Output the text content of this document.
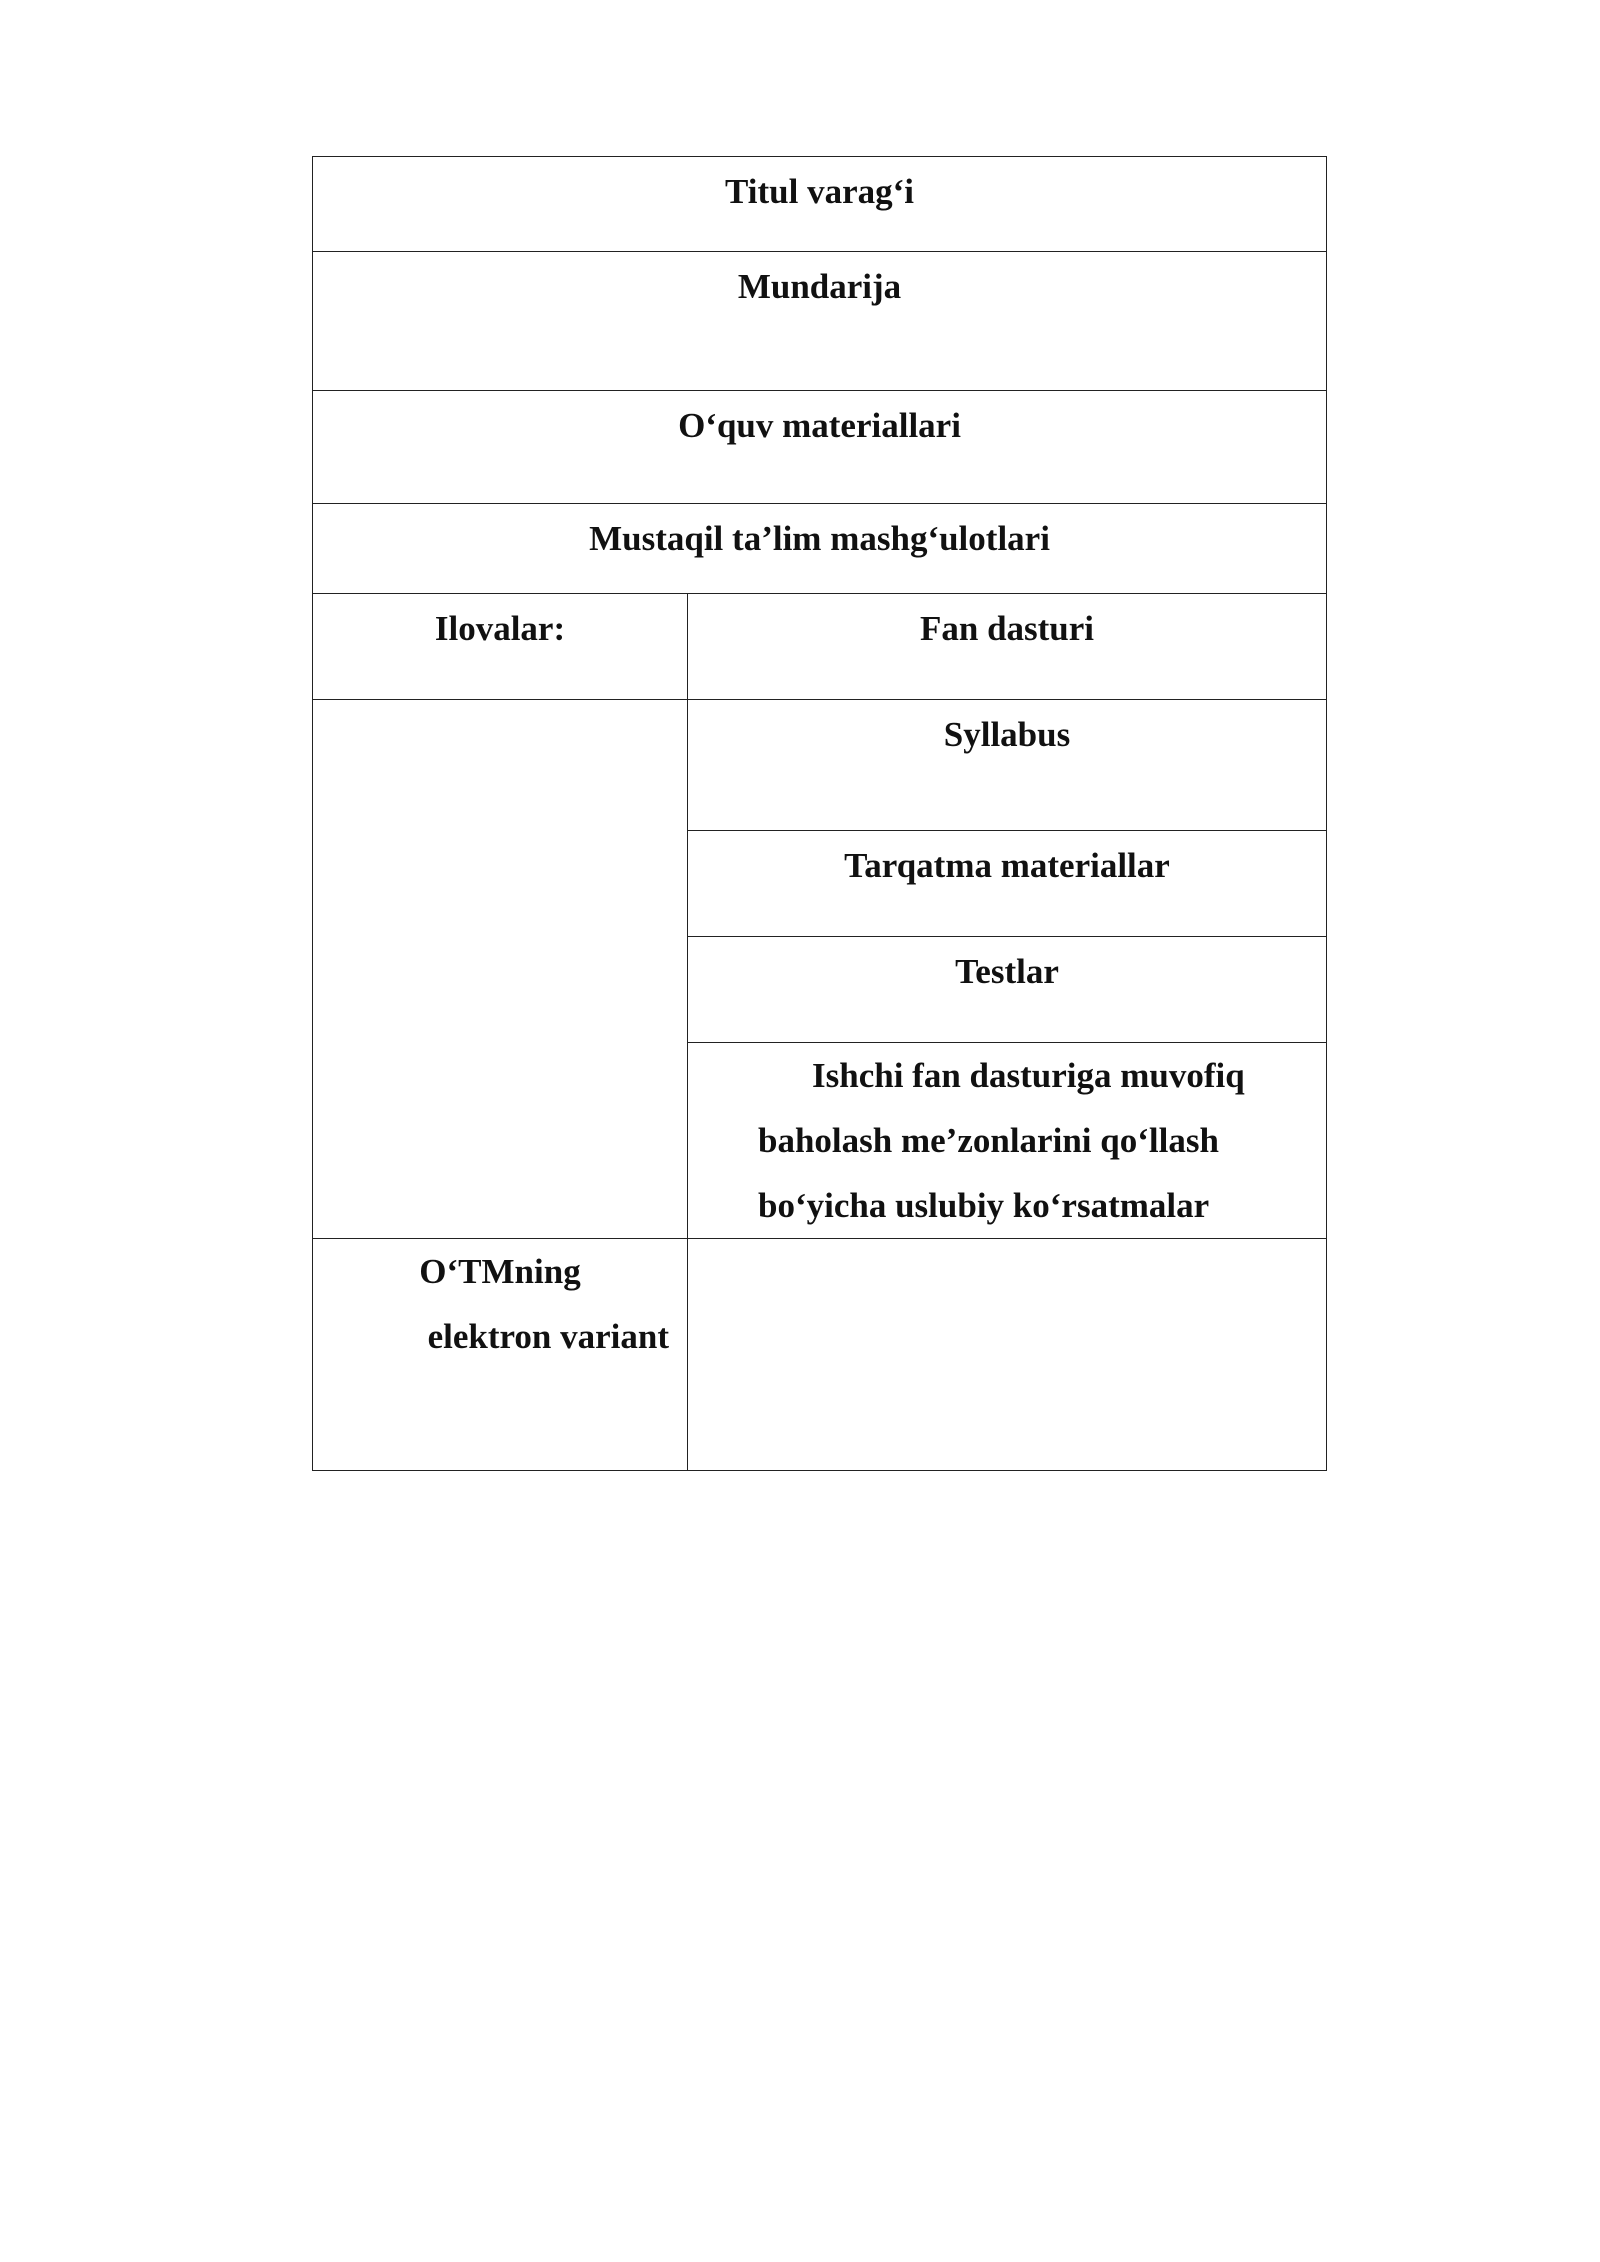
Titul varag‘i	

Mundarija	

O‘quv materiallari	

Mustaqil ta’lim mashg‘ulotlari	

Ilovalar:	Fan dasturi

	Syllabus

	Tarqatma materiallar

	Testlar

	Ishchi fan dasturiga muvofiq
baholash me’zonlarini qo‘llash
bo‘yicha uslubiy ko‘rsatmalar

O‘TMning
elektron variant	
